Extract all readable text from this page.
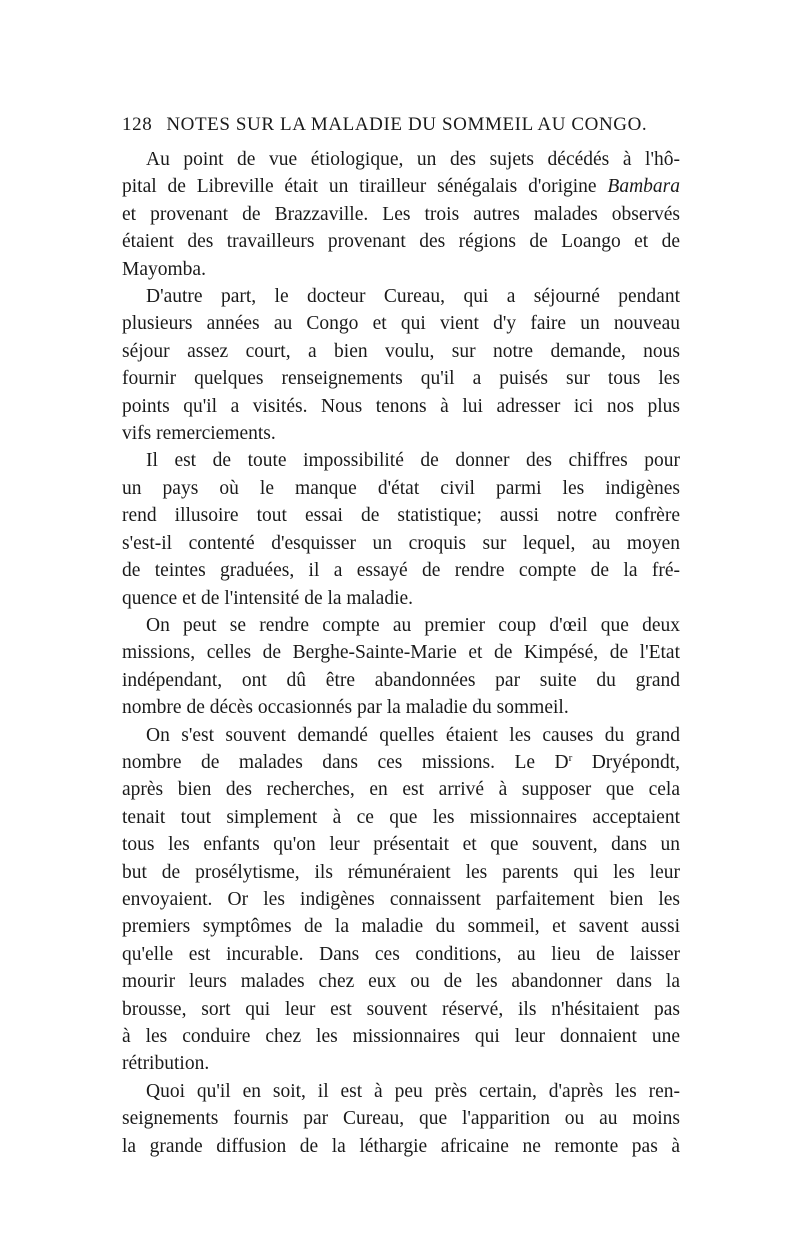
128 NOTES SUR LA MALADIE DU SOMMEIL AU CONGO.

Au point de vue étiologique, un des sujets décédés à l'hô-
pital de Libreville était un tirailleur sénégalais d'origine Bambara
et provenant de Brazzaville. Les trois autres malades observés
étaient des travailleurs provenant des régions de Loango et de
Mayomba.

D'autre part, le docteur Cureau, qui a séjourné pendant
plusieurs années au Congo et qui vient d'y faire un nouveau
séjour assez court, a bien voulu, sur notre demande, nous
fournir quelques renseignements qu'il a puisés sur tous les
points qu'il a visités. Nous tenons à lui adresser ici nos plus
vifs remerciements.

Il est de toute impossibilité de donner des chiffres pour
un pays où le manque d'état civil parmi les indigènes
rend illusoire tout essai de statistique; aussi notre confrère
s'est-il contenté d'esquisser un croquis sur lequel, au moyen
de teintes graduées, il a essayé de rendre compte de la fré-
quence et de l'intensité de la maladie.

On peut se rendre compte au premier coup d'œil que deux
missions, celles de Berghe-Sainte-Marie et de Kimpésé, de l'Etat
indépendant, ont dû être abandonnées par suite du grand
nombre de décès occasionnés par la maladie du sommeil.

On s'est souvent demandé quelles étaient les causes du grand
nombre de malades dans ces missions. Le $D^r$ Dryépondt,
après bien des recherches, en est arrivé à supposer que cela
tenait tout simplement à ce que les missionnaires acceptaient
tous les enfants qu'on leur présentait et que souvent, dans un
but de prosélytisme, ils rémunéraient les parents qui les leur
envoyaient. Or les indigènes connaissent parfaitement bien les
premiers symptômes de la maladie du sommeil, et savent aussi
qu'elle est incurable. Dans ces conditions, au lieu de laisser
mourir leurs malades chez eux ou de les abandonner dans la
brousse, sort qui leur est souvent réservé, ils n'hésitaient pas
à les conduire chez les missionnaires qui leur donnaient une
rétribution.

Quoi qu'il en soit, il est à peu près certain, d'après les ren-
seignements fournis par Cureau, que l'apparition ou au moins
la grande diffusion de la léthargie africaine ne remonte pas à
